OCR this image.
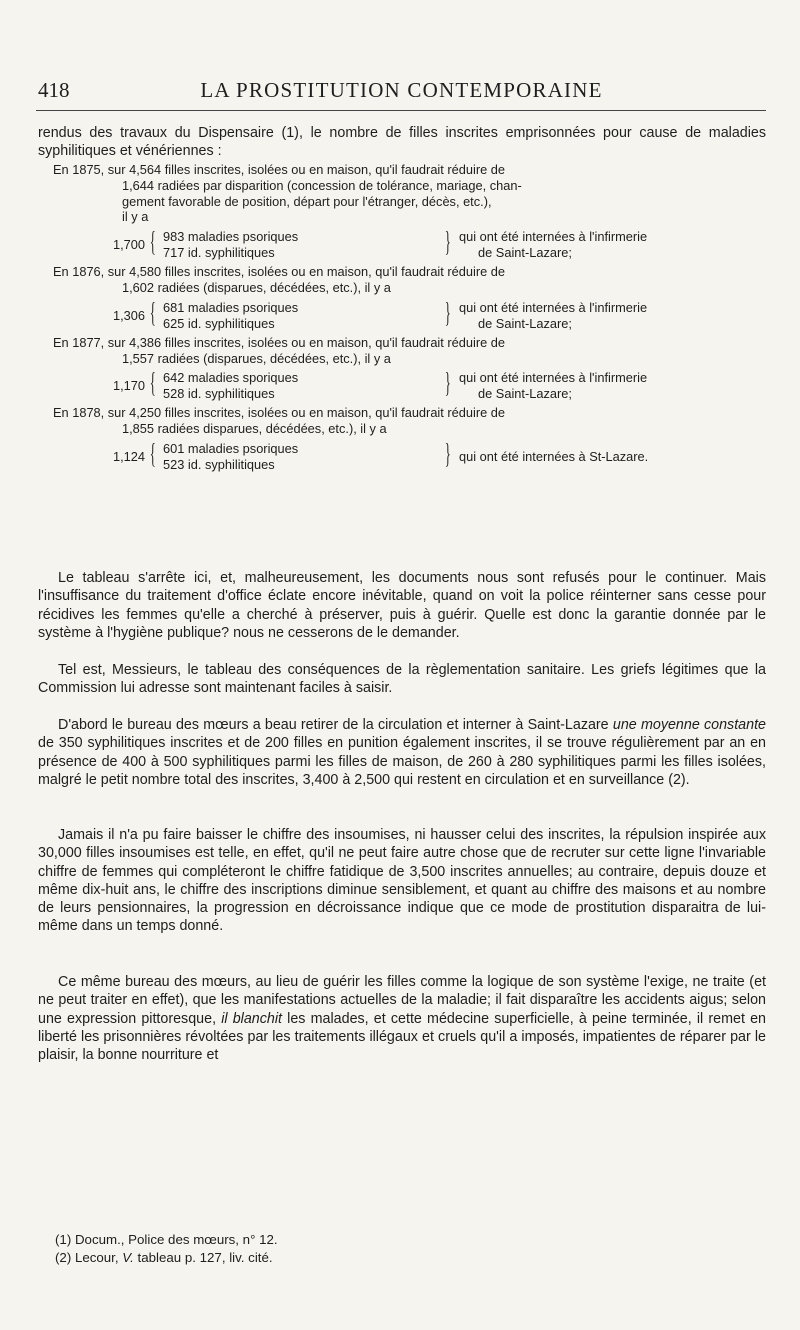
418	LA PROSTITUTION CONTEMPORAINE

rendus des travaux du Dispensaire (1), le nombre de filles inscrites emprisonnées pour cause de maladies syphilitiques et vénériennes :

En 1875, sur 4,564 filles inscrites, isolées ou en maison, qu'il faudrait réduire de
1,644 radiées par disparition (concession de tolérance, mariage, chan-
gement favorable de position, départ pour l'étranger, décès, etc.),
il y a
1,700 { 983 maladies psoriques
717 id. syphilitiques	} qui ont été internées à l'infirmerie
de Saint-Lazare;
En 1876, sur 4,580 filles inscrites, isolées ou en maison, qu'il faudrait réduire de
1,602 radiées (disparues, décédées, etc.), il y a
1,306 { 681 maladies psoriques
625 id. syphilitiques	} qui ont été internées à l'infirmerie
de Saint-Lazare;
En 1877, sur 4,386 filles inscrites, isolées ou en maison, qu'il faudrait réduire de
1,557 radiées (disparues, décédées, etc.), il y a
1,170 { 642 maladies sporiques
528 id. syphilitiques	} qui ont été internées à l'infirmerie
de Saint-Lazare;
En 1878, sur 4,250 filles inscrites, isolées ou en maison, qu'il faudrait réduire de
1,855 radiées disparues, décédées, etc.), il y a
1,124 { 601 maladies psoriques
523 id. syphilitiques	} qui ont été internées à St-Lazare.

Le tableau s'arrête ici, et, malheureusement, les documents nous sont refusés pour le continuer. Mais l'insuffisance du traitement d'office éclate encore inévitable, quand on voit la police réinterner sans cesse pour récidives les femmes qu'elle a cherché à préserver, puis à guérir. Quelle est donc la garantie donnée par le système à l'hygiène publique? nous ne cesserons de le demander.

Tel est, Messieurs, le tableau des conséquences de la règlementation sanitaire. Les griefs légitimes que la Commission lui adresse sont maintenant faciles à saisir.

D'abord le bureau des mœurs a beau retirer de la circulation et interner à Saint-Lazare une moyenne constante de 350 syphilitiques inscrites et de 200 filles en punition également inscrites, il se trouve régulièrement par an en présence de 400 à 500 syphilitiques parmi les filles de maison, de 260 à 280 syphilitiques parmi les filles isolées, malgré le petit nombre total des inscrites, 3,400 à 2,500 qui restent en circulation et en surveillance (2).

Jamais il n'a pu faire baisser le chiffre des insoumises, ni hausser celui des inscrites, la répulsion inspirée aux 30,000 filles insoumises est telle, en effet, qu'il ne peut faire autre chose que de recruter sur cette ligne l'invariable chiffre de femmes qui compléteront le chiffre fatidique de 3,500 inscrites annuelles; au contraire, depuis douze et même dix-huit ans, le chiffre des inscriptions diminue sensiblement, et quant au chiffre des maisons et au nombre de leurs pensionnaires, la progression en décroissance indique que ce mode de prostitution disparaitra de lui-même dans un temps donné.

Ce même bureau des mœurs, au lieu de guérir les filles comme la logique de son système l'exige, ne traite (et ne peut traiter en effet), que les manifestations actuelles de la maladie; il fait disparaître les accidents aigus; selon une expression pittoresque, il blanchit les malades, et cette médecine superficielle, à peine terminée, il remet en liberté les prisonnières révoltées par les traitements illégaux et cruels qu'il a imposés, impatientes de réparer par le plaisir, la bonne nourriture et

(1) Docum., Police des mœurs, n° 12.
(2) Lecour, V. tableau p. 127, liv. cité.
